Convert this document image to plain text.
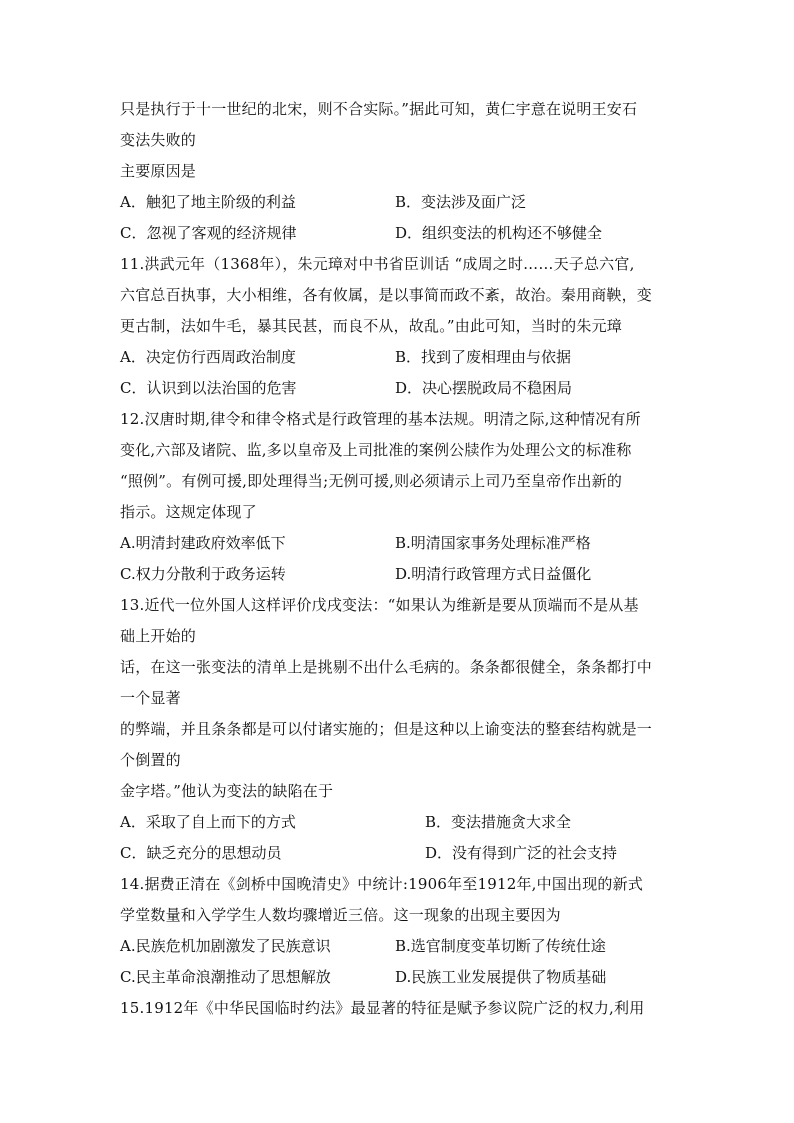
只是执行于十一世纪的北宋，则不合实际。”据此可知，黄仁宇意在说明王安石
变法失败的
主要原因是
A．触犯了地主阶级的利益	B．变法涉及面广泛
C．忽视了客观的经济规律	D．组织变法的机构还不够健全
11.洪武元年（1368年），朱元璋对中书省臣训话 “成周之时……天子总六官,
六官总百执事，大小相维，各有攸属，是以事简而政不紊，故治。秦用商鞅，变
更古制，法如牛毛，暴其民甚，而良不从，故乱。”由此可知，当时的朱元璋
A．决定仿行西周政治制度	B．找到了废相理由与依据
C．认识到以法治国的危害	D．决心摆脱政局不稳困局
12.汉唐时期,律令和律令格式是行政管理的基本法规。明清之际,这种情况有所
变化,六部及诸院、监,多以皇帝及上司批准的案例公牍作为处理公文的标准称
“照例”。有例可援,即处理得当;无例可援,则必须请示上司乃至皇帝作出新的
指示。这规定体现了
A.明清封建政府效率低下	B.明清国家事务处理标准严格
C.权力分散利于政务运转	D.明清行政管理方式日益僵化
13.近代一位外国人这样评价戊戌变法：“如果认为维新是要从顶端而不是从基
础上开始的
话，在这一张变法的清单上是挑剔不出什么毛病的。条条都很健全，条条都打中
一个显著
的弊端，并且条条都是可以付诸实施的；但是这种以上谕变法的整套结构就是一
个倒置的
金字塔。”他认为变法的缺陷在于
A．采取了自上而下的方式	B．变法措施贪大求全
C．缺乏充分的思想动员	D．没有得到广泛的社会支持
14.据费正清在《剑桥中国晚清史》中统计:1906年至1912年,中国出现的新式
学堂数量和入学学生人数均骤增近三倍。这一现象的出现主要因为
A.民族危机加剧激发了民族意识	B.选官制度变革切断了传统仕途
C.民主革命浪潮推动了思想解放	D.民族工业发展提供了物质基础
15.1912年《中华民国临时约法》最显著的特征是赋予参议院广泛的权力,利用
